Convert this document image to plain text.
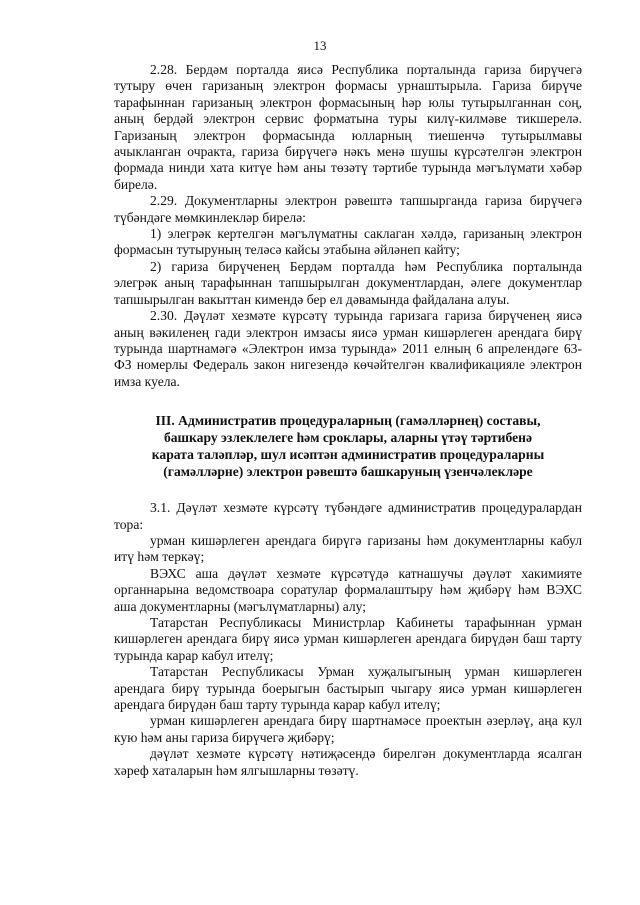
13

2.28. Бердәм порталда яисә Республика порталында гариза бирүчегә тутыру өчен гаризаның электрон формасы урнаштырыла. Гариза бирүче тарафыннан гаризаның электрон формасының һәр юлы тутырылганнан соң, аның бердәй электрон сервис форматына туры килү-килмәве тикшерелә. Гаризаның электрон формасында юлларның тиешенчә тутырылмавы ачыкланган очракта, гариза бирүчегә нәкъ менә шушы күрсәтелгән электрон формада нинди хата китүе һәм аны төзәтү тәртибе турында мәгълүмати хәбәр бирелә.

2.29. Документларны электрон рәвештә тапшырганда гариза бирүчегә түбәндәге мөмкинлекләр бирелә:

1) элегрәк кертелгән мәгълүматны саклаган хәлдә, гаризаның электрон формасын тутыруның теләсә кайсы этабына әйләнеп кайту;

2) гариза бирүченең Бердәм порталда һәм Республика порталында элегрәк аның тарафыннан тапшырылган документлардан, әлеге документлар тапшырылган вакыттан кимендә бер ел дәвамында файдалана алуы.

2.30. Дәүләт хезмәте күрсәтү турында гаризага гариза бирүченең яисә аның вәкиленең гади электрон имзасы яисә урман кишәрлеген арендага бирү турында шартнамәгә «Электрон имза турында» 2011 елның 6 апрелендәге 63-ФЗ номерлы Федераль закон нигезендә көчәйтелгән квалификацияле электрон имза куела.

III. Административ процедураларның (гамәлләрнең) составы,
башкару эзлеклелеге һәм сроклары, аларны үтәү тәртибенә
карата таләпләр, шул исәптән административ процедураларны
(гамәлләрне) электрон рәвештә башкаруның үзенчәлекләре

3.1. Дәүләт хезмәте күрсәтү түбәндәге административ процедуралардан тора:

урман кишәрлеген арендага бирүгә гаризаны һәм документларны кабул итү һәм теркәү;

ВЭХС аша дәүләт хезмәте күрсәтүдә катнашучы дәүләт хакимияте органнарына ведомствоара соратулар формалаштыру һәм җибәрү һәм ВЭХС аша документларны (мәгълүматларны) алу;

Татарстан Республикасы Министрлар Кабинеты тарафыннан урман кишәрлеген арендага бирү яисә урман кишәрлеген арендага бирүдән баш тарту турында карар кабул ителү;

Татарстан Республикасы Урман хуҗалыгының урман кишәрлеген арендага бирү турында боерыгын бастырып чыгару яисә урман кишәрлеген арендага бирүдән баш тарту турында карар кабул ителү;

урман кишәрлеген арендага бирү шартнамәсе проектын әзерләү, аңа кул кую һәм аны гариза бирүчегә җибәрү;

дәүләт хезмәте күрсәтү нәтиҗәсендә бирелгән документларда ясалган хәреф хаталарын һәм ялгышларны төзәтү.
